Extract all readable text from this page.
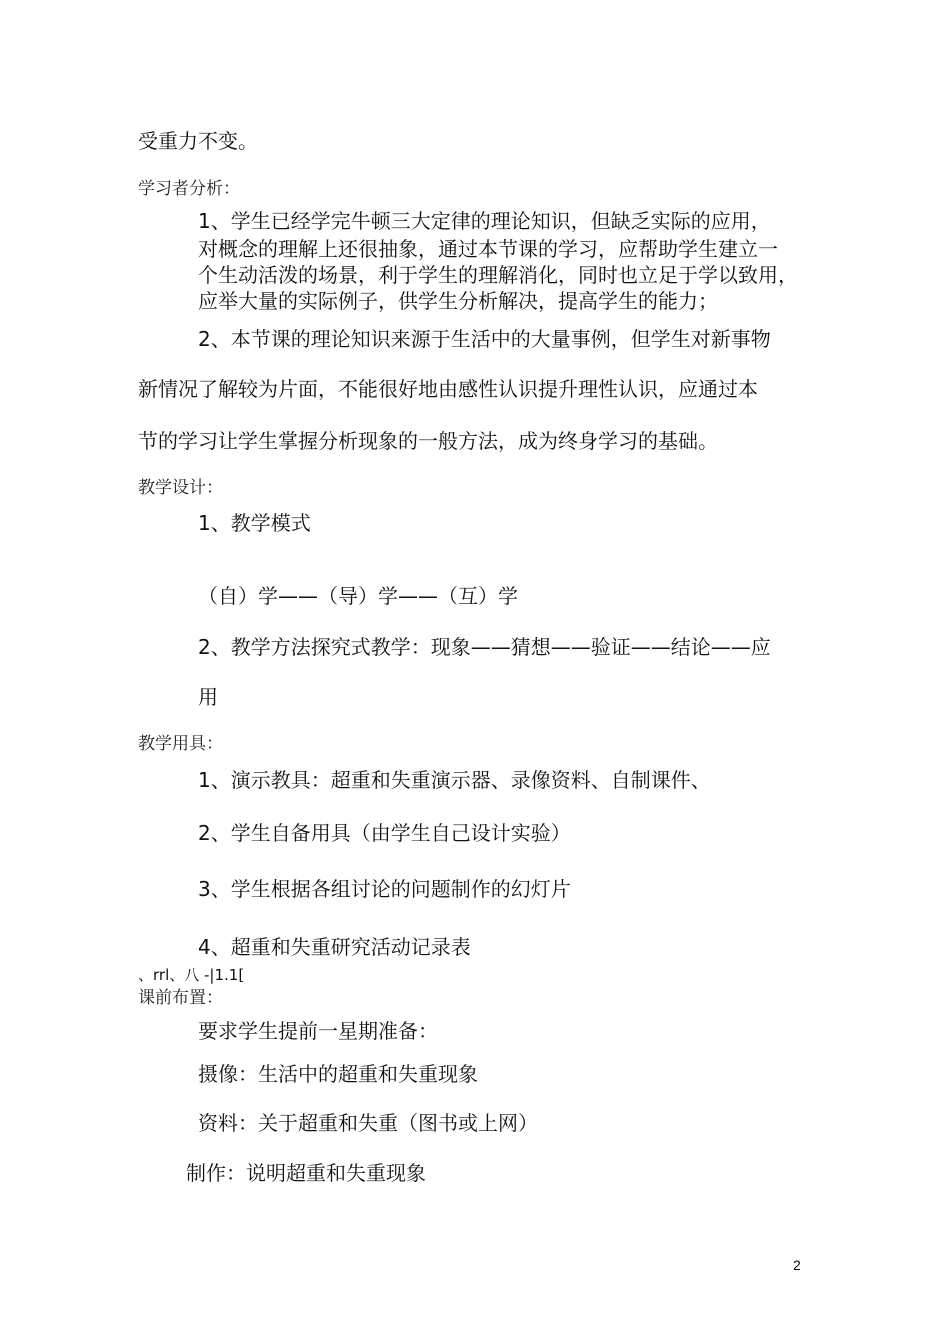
受重力不变。
学习者分析：
1、学生已经学完牛顿三大定律的理论知识，但缺乏实际的应用，
对概念的理解上还很抽象，通过本节课的学习，应帮助学生建立一
个生动活泼的场景，利于学生的理解消化，同时也立足于学以致用，
应举大量的实际例子，供学生分析解决，提高学生的能力；
2、本节课的理论知识来源于生活中的大量事例，但学生对新事物
新情况了解较为片面，不能很好地由感性认识提升理性认识，应通过本
节的学习让学生掌握分析现象的一般方法，成为终身学习的基础。
教学设计：
1、教学模式
（自）学——（导）学——（互）学
2、教学方法探究式教学：现象——猜想——验证——结论——应
用
教学用具：
1、演示教具：超重和失重演示器、录像资料、自制课件、
2、学生自备用具（由学生自己设计实验）
3、学生根据各组讨论的问题制作的幻灯片
4、超重和失重研究活动记录表
、rrl、八 -|1.1[
课前布置：
要求学生提前一星期准备：
摄像：生活中的超重和失重现象
资料：关于超重和失重（图书或上网）
制作：说明超重和失重现象
2
